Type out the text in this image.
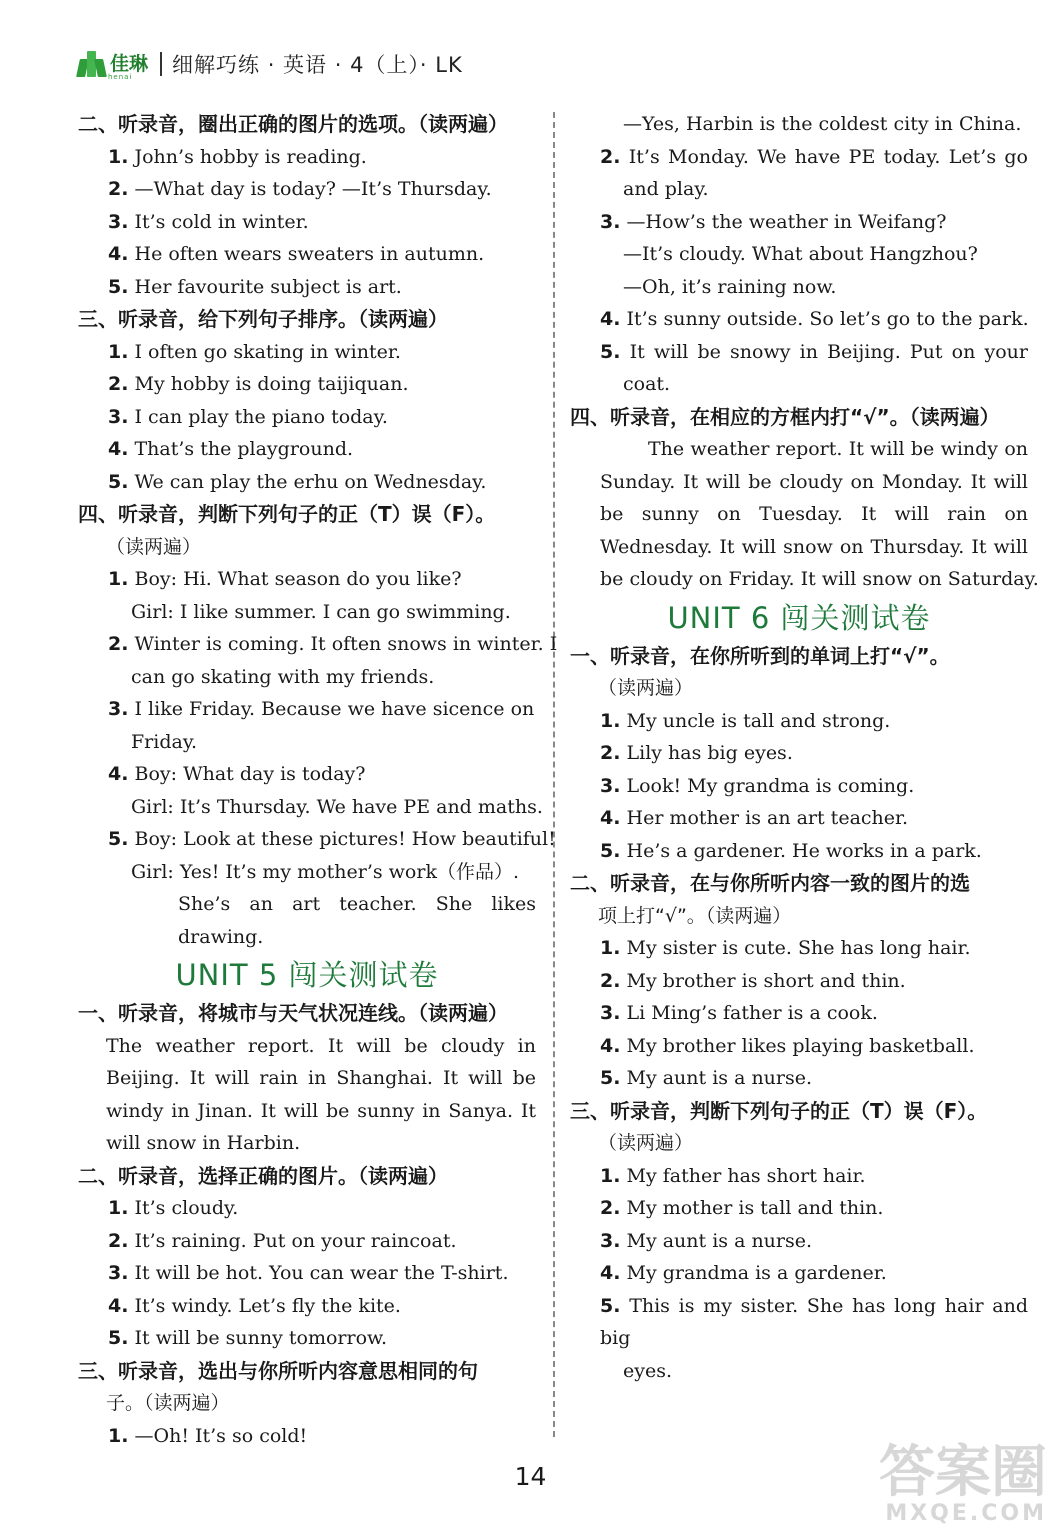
佳琳
henai 细解巧练 · 英语 · 4（上）· LK
二、听录音，圈出正确的图片的选项。（读两遍）
1. John’s hobby is reading.
2. —What day is today? —It’s Thursday.
3. It’s cold in winter.
4. He often wears sweaters in autumn.
5. Her favourite subject is art.
三、听录音，给下列句子排序。（读两遍）
1. I often go skating in winter.
2. My hobby is doing taijiquan.
3. I can play the piano today.
4. That’s the playground.
5. We can play the erhu on Wednesday.
四、听录音，判断下列句子的正（T）误（F）。
（读两遍）
1. Boy: Hi. What season do you like?
Girl: I like summer. I can go swimming.
2. Winter is coming. It often snows in winter. I
can go skating with my friends.
3. I like Friday. Because we have sicence on
Friday.
4. Boy: What day is today?
Girl: It’s Thursday. We have PE and maths.
5. Boy: Look at these pictures! How beautiful!
Girl: Yes! It’s my mother’s work（作品）.
She’s an art teacher. She likes
drawing.
UNIT 5 闯关测试卷
一、听录音，将城市与天气状况连线。（读两遍）
The weather report. It will be cloudy in
Beijing. It will rain in Shanghai. It will be
windy in Jinan. It will be sunny in Sanya. It
will snow in Harbin.
二、听录音，选择正确的图片。（读两遍）
1. It’s cloudy.
2. It’s raining. Put on your raincoat.
3. It will be hot. You can wear the T-shirt.
4. It’s windy. Let’s fly the kite.
5. It will be sunny tomorrow.
三、听录音，选出与你所听内容意思相同的句
子。（读两遍）
1. —Oh! It’s so cold!
—Yes, Harbin is the coldest city in China.
2. It’s Monday. We have PE today. Let’s go
and play.
3. —How’s the weather in Weifang?
—It’s cloudy. What about Hangzhou?
—Oh, it’s raining now.
4. It’s sunny outside. So let’s go to the park.
5. It will be snowy in Beijing. Put on your
coat.
四、听录音，在相应的方框内打“√”。（读两遍）
The weather report. It will be windy on
Sunday. It will be cloudy on Monday. It will
be sunny on Tuesday. It will rain on
Wednesday. It will snow on Thursday. It will
be cloudy on Friday. It will snow on Saturday.
UNIT 6 闯关测试卷
一、听录音，在你所听到的单词上打“√”。
（读两遍）
1. My uncle is tall and strong.
2. Lily has big eyes.
3. Look! My grandma is coming.
4. Her mother is an art teacher.
5. He’s a gardener. He works in a park.
二、听录音，在与你所听内容一致的图片的选
项上打“√”。（读两遍）
1. My sister is cute. She has long hair.
2. My brother is short and thin.
3. Li Ming’s father is a cook.
4. My brother likes playing basketball.
5. My aunt is a nurse.
三、听录音，判断下列句子的正（T）误（F）。
（读两遍）
1. My father has short hair.
2. My mother is tall and thin.
3. My aunt is a nurse.
4. My grandma is a gardener.
5. This is my sister. She has long hair and big
eyes.
14	答案圈
MXQE.COM
